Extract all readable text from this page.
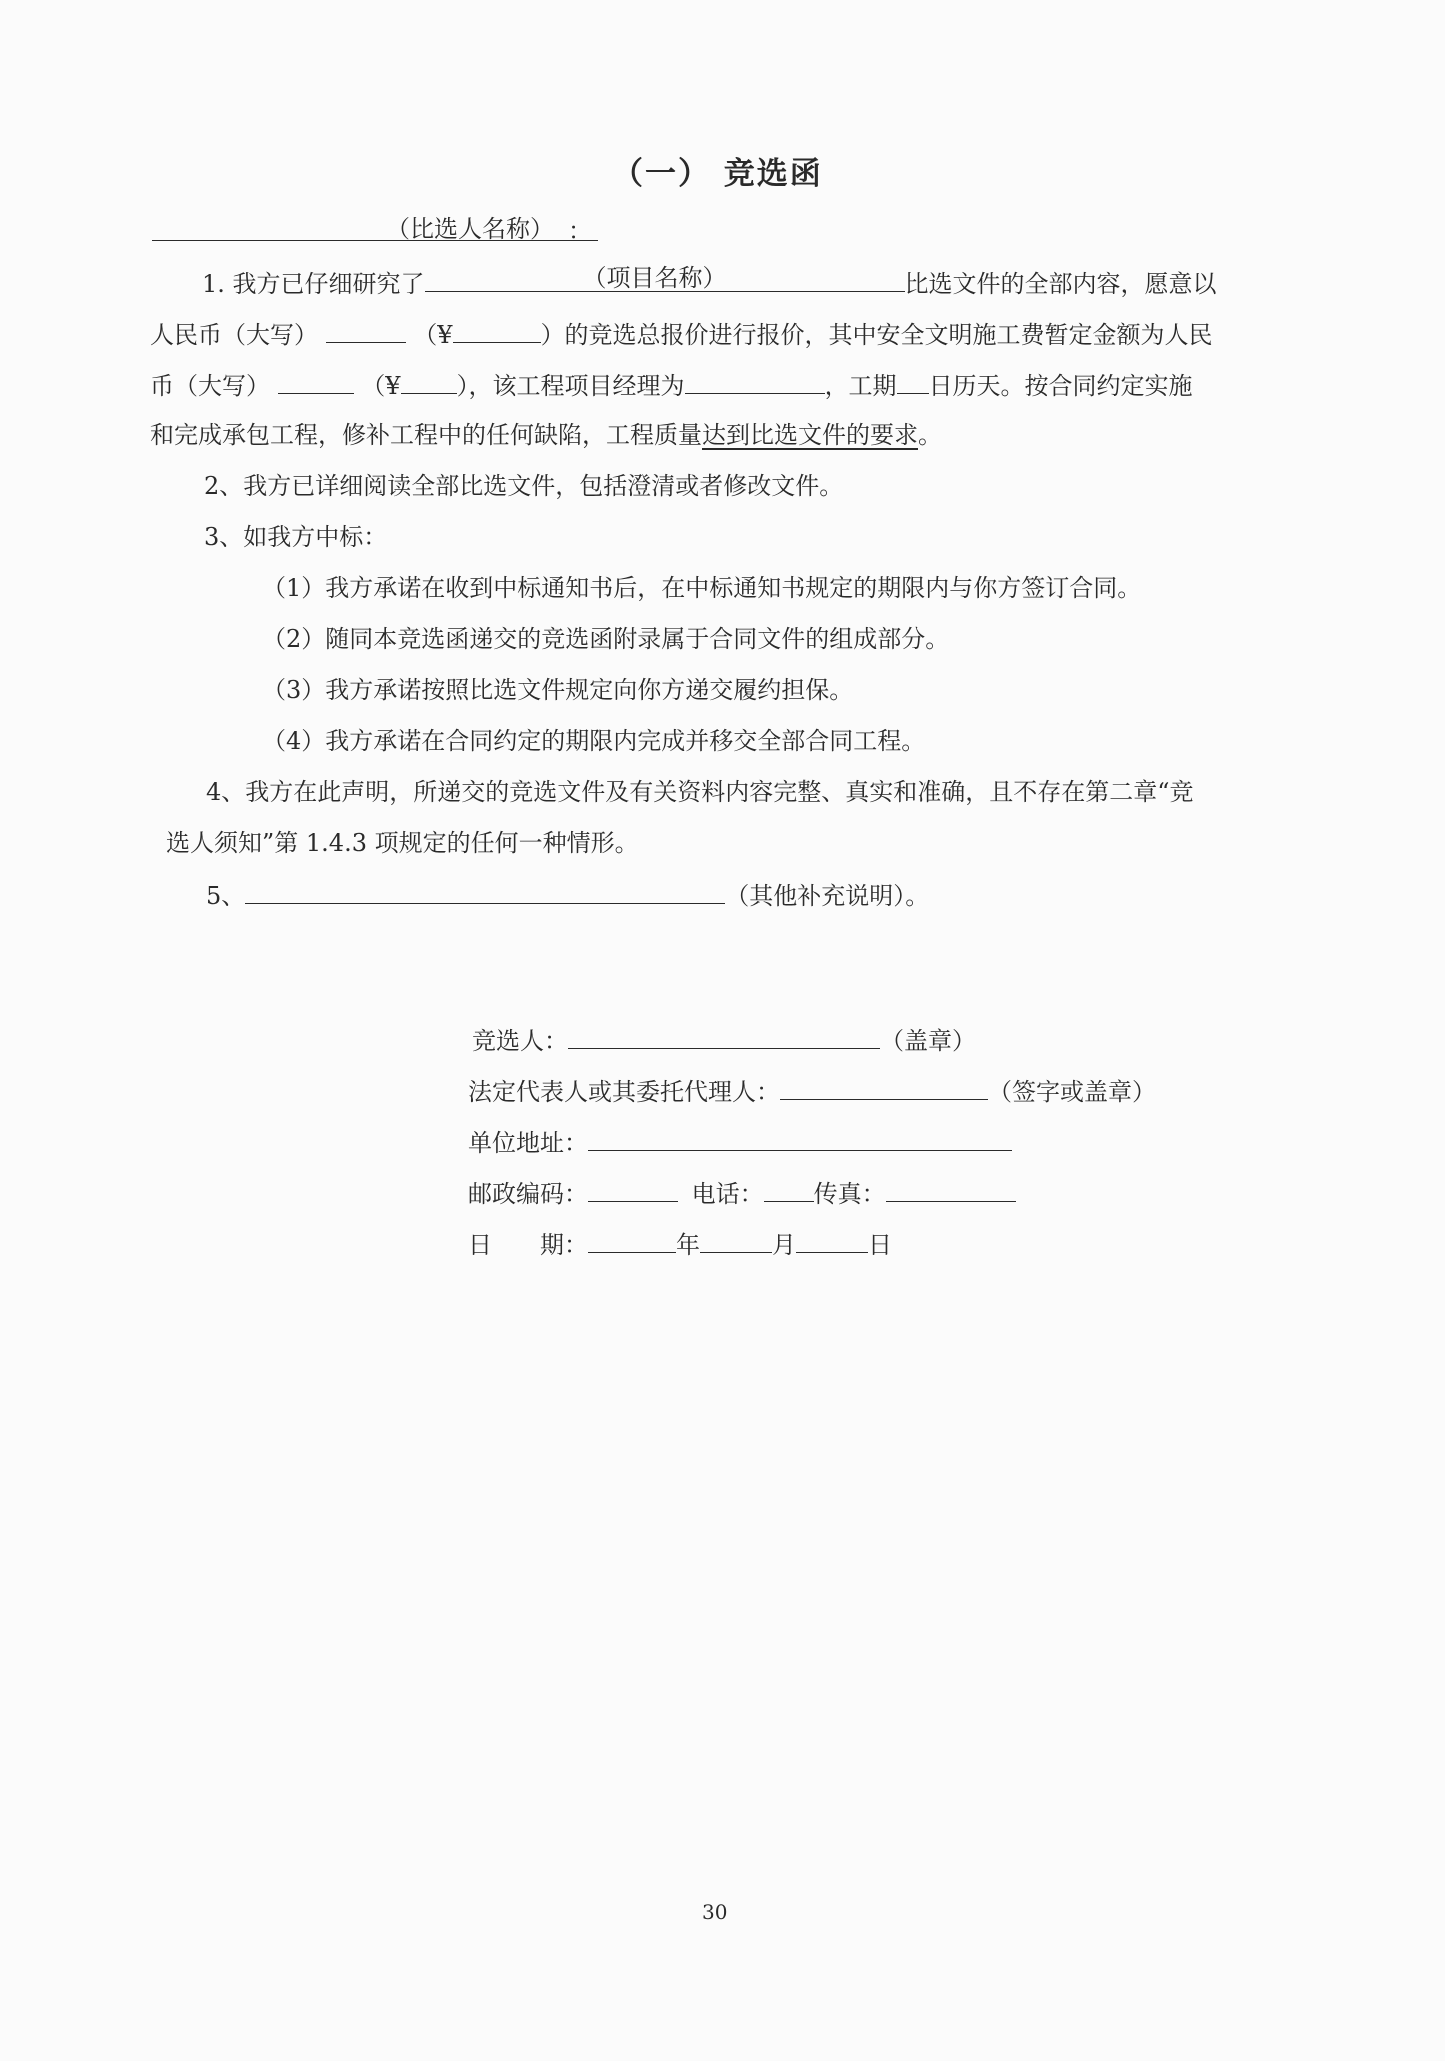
（一） 竞选函
（比选人名称） ：
1. 我方已仔细研究了	（项目名称）	比选文件的全部内容，愿意以
人民币（大写）	（¥	）的竞选总报价进行报价，其中安全文明施工费暂定金额为人民
币（大写）	（¥ ），该工程项目经理为	，工期 日历天。按合同约定实施
和完成承包工程，修补工程中的任何缺陷，工程质量达到比选文件的要求。
2、我方已详细阅读全部比选文件，包括澄清或者修改文件。
3、如我方中标：
（1）我方承诺在收到中标通知书后，在中标通知书规定的期限内与你方签订合同。
（2）随同本竞选函递交的竞选函附录属于合同文件的组成部分。
（3）我方承诺按照比选文件规定向你方递交履约担保。
（4）我方承诺在合同约定的期限内完成并移交全部合同工程。
4、我方在此声明，所递交的竞选文件及有关资料内容完整、真实和准确，且不存在第二章“竞
选人须知”第 1.4.3 项规定的任何一种情形。
5、	（其他补充说明）。
竞选人：	（盖章）
法定代表人或其委托代理人：	（签字或盖章）
单位地址：
邮政编码：	电话： 传真：
日　　期：	年	月	日
30
